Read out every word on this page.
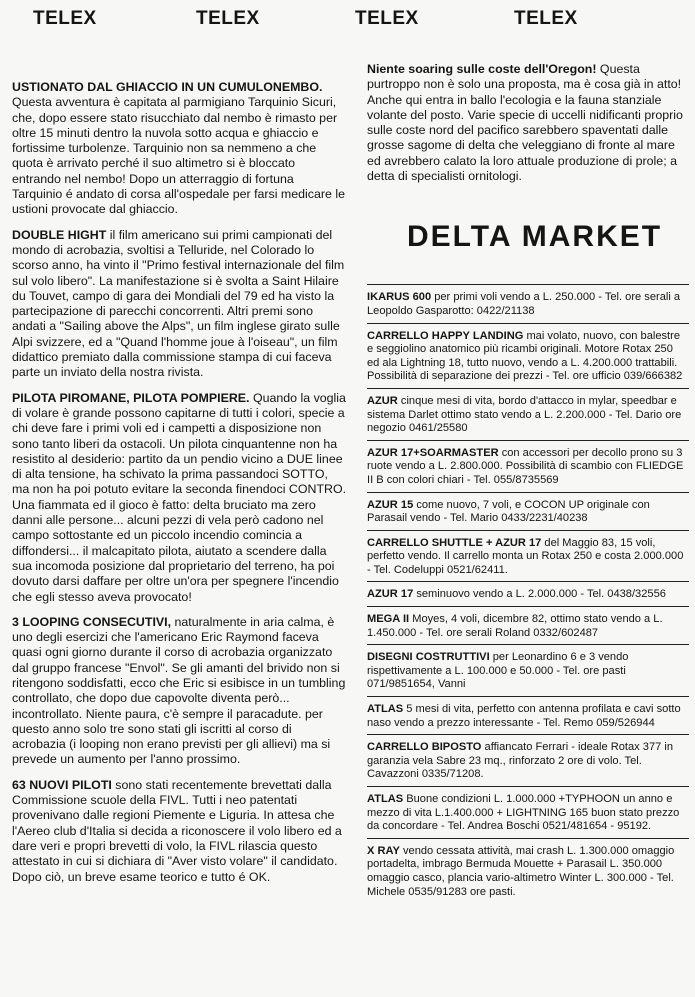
TELEX	TELEX	TELEX	TELEX

USTIONATO DAL GHIACCIO IN UN CUMULONEMBO. Questa avventura è capitata al parmigiano Tarquinio Sicuri, che, dopo essere stato risucchiato dal nembo è rimasto per oltre 15 minuti dentro la nuvola sotto acqua e ghiaccio e fortissime turbolenze. Tarquinio non sa nemmeno a che quota è arrivato perché il suo altimetro si è bloccato entrando nel nembo! Dopo un atterraggio di fortuna Tarquinio é andato di corsa all'ospedale per farsi medicare le ustioni provocate dal ghiaccio.

DOUBLE HIGHT il film americano sui primi campionati del mondo di acrobazia, svoltisi a Telluride, nel Colorado lo scorso anno, ha vinto il "Primo festival internazionale del film sul volo libero". La manifestazione si è svolta a Saint Hilaire du Touvet, campo di gara dei Mondiali del 79 ed ha visto la partecipazione di parecchi concorrenti. Altri premi sono andati a "Sailing above the Alps", un film inglese girato sulle Alpi svizzere, ed a "Quand l'homme joue à l'oiseau", un film didattico premiato dalla commissione stampa di cui faceva parte un inviato della nostra rivista.

PILOTA PIROMANE, PILOTA POMPIERE. Quando la voglia di volare è grande possono capitarne di tutti i colori, specie a chi deve fare i primi voli ed i campetti a disposizione non sono tanto liberi da ostacoli. Un pilota cinquantenne non ha resistito al desiderio: partito da un pendio vicino a DUE linee di alta tensione, ha schivato la prima passandoci SOTTO, ma non ha poi potuto evitare la seconda finendoci CONTRO. Una fiammata ed il gioco è fatto: delta bruciato ma zero danni alle persone... alcuni pezzi di vela però cadono nel campo sottostante ed un piccolo incendio comincia a diffondersi... il malcapitato pilota, aiutato a scendere dalla sua incomoda posizione dal proprietario del terreno, ha poi dovuto darsi daffare per oltre un'ora per spegnere l'incendio che egli stesso aveva provocato!

3 LOOPING CONSECUTIVI, naturalmente in aria calma, è uno degli esercizi che l'americano Eric Raymond faceva quasi ogni giorno durante il corso di acrobazia organizzato dal gruppo francese "Envol". Se gli amanti del brivido non si ritengono soddisfatti, ecco che Eric si esibisce in un tumbling controllato, che dopo due capovolte diventa però... incontrollato. Niente paura, c'è sempre il paracadute. per questo anno solo tre sono stati gli iscritti al corso di acrobazia (i looping non erano previsti per gli allievi) ma si prevede un aumento per l'anno prossimo.

63 NUOVI PILOTI sono stati recentemente brevettati dalla Commissione scuole della FIVL. Tutti i neo patentati provenivano dalle regioni Piemente e Liguria. In attesa che l'Aereo club d'Italia si decida a riconoscere il volo libero ed a dare veri e propri brevetti di volo, la FIVL rilascia questo attestato in cui si dichiara di "Aver visto volare" il candidato. Dopo ciò, un breve esame teorico e tutto é OK.

Niente soaring sulle coste dell'Oregon! Questa purtroppo non è solo una proposta, ma è cosa già in atto! Anche qui entra in ballo l'ecologia e la fauna stanziale volante del posto. Varie specie di uccelli nidificanti proprio sulle coste nord del pacifico sarebbero spaventati dalle grosse sagome di delta che veleggiano di fronte al mare ed avrebbero calato la loro attuale produzione di prole; a detta di specialisti ornitologi.

DELTA MARKET
IKARUS 600 per primi voli vendo a L. 250.000 - Tel. ore serali a Leopoldo Gasparotto: 0422/21138
CARRELLO HAPPY LANDING mai volato, nuovo, con balestre e seggiolino anatomico più ricambi originali. Motore Rotax 250 ed ala Lightning 18, tutto nuovo, vendo a L. 4.200.000 trattabili. Possibilità di separazione dei prezzi - Tel. ore ufficio 039/666382
AZUR cinque mesi di vita, bordo d'attacco in mylar, speedbar e sistema Darlet ottimo stato vendo a L. 2.200.000 - Tel. Dario ore negozio 0461/25580
AZUR 17+SOARMASTER con accessori per decollo prono su 3 ruote vendo a L. 2.800.000. Possibilità di scambio con FLIEDGE II B con colori chiari - Tel. 055/8735569
AZUR 15 come nuovo, 7 voli, e COCON UP originale con Parasail vendo - Tel. Mario 0433/2231/40238
CARRELLO SHUTTLE + AZUR 17 del Maggio 83, 15 voli, perfetto vendo. Il carrello monta un Rotax 250 e costa 2.000.000 - Tel. Codeluppi 0521/62411.
AZUR 17 seminuovo vendo a L. 2.000.000 - Tel. 0438/32556
MEGA II Moyes, 4 voli, dicembre 82, ottimo stato vendo a L. 1.450.000 - Tel. ore serali Roland 0332/602487
DISEGNI COSTRUTTIVI per Leonardino 6 e 3 vendo rispettivamente a L. 100.000 e 50.000 - Tel. ore pasti 071/9851654, Vanni
ATLAS 5 mesi di vita, perfetto con antenna profilata e cavi sotto naso vendo a prezzo interessante - Tel. Remo 059/526944
CARRELLO BIPOSTO affiancato Ferrari - ideale Rotax 377 in garanzia vela Sabre 23 mq., rinforzato 2 ore di volo. Tel. Cavazzoni 0335/71208.
ATLAS Buone condizioni L. 1.000.000 +TYPHOON un anno e mezzo di vita L.1.400.000 + LIGHTNING 165 buon stato prezzo da concordare - Tel. Andrea Boschi 0521/481654 - 95192.
X RAY vendo cessata attività, mai crash L. 1.300.000 omaggio portadelta, imbrago Bermuda Mouette + Parasail L. 350.000 omaggio casco, plancia vario-altimetro Winter L. 300.000 - Tel. Michele 0535/91283 ore pasti.
